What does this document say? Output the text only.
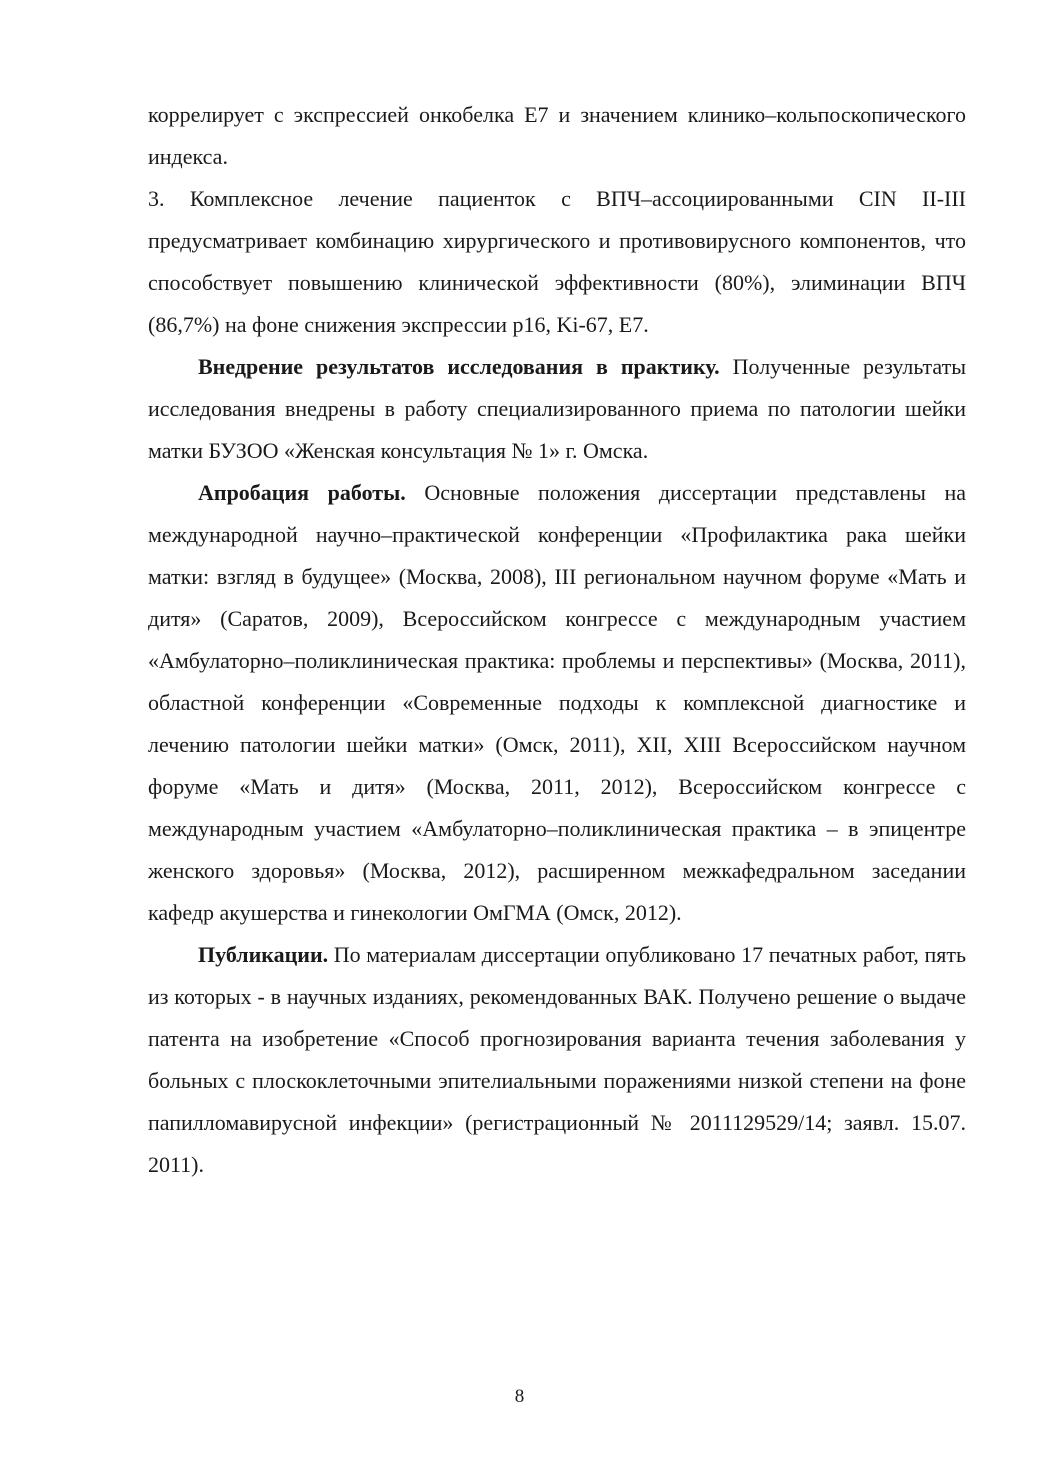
коррелирует с экспрессией онкобелка Е7 и значением клинико–кольпоскопического индекса.

3. Комплексное лечение пациенток с ВПЧ–ассоциированными CIN II-III предусматривает комбинацию хирургического и противовирусного компонентов, что способствует повышению клинической эффективности (80%), элиминации ВПЧ (86,7%) на фоне снижения экспрессии p16, Ki-67, Е7.

Внедрение результатов исследования в практику. Полученные результаты исследования внедрены в работу специализированного приема по патологии шейки матки БУЗОО «Женская консультация № 1» г. Омска.

Апробация работы. Основные положения диссертации представлены на международной научно–практической конференции «Профилактика рака шейки матки: взгляд в будущее» (Москва, 2008), III региональном научном форуме «Мать и дитя» (Саратов, 2009), Всероссийском конгрессе с международным участием «Амбулаторно–поликлиническая практика: проблемы и перспективы» (Москва, 2011), областной конференции «Современные подходы к комплексной диагностике и лечению патологии шейки матки» (Омск, 2011), XII, XIII Всероссийском научном форуме «Мать и дитя» (Москва, 2011, 2012), Всероссийском конгрессе с международным участием «Амбулаторно–поликлиническая практика – в эпицентре женского здоровья» (Москва, 2012), расширенном межкафедральном заседании кафедр акушерства и гинекологии ОмГМА (Омск, 2012).

Публикации. По материалам диссертации опубликовано 17 печатных работ, пять из которых - в научных изданиях, рекомендованных ВАК. Получено решение о выдаче патента на изобретение «Способ прогнозирования варианта течения заболевания у больных с плоскоклеточными эпителиальными поражениями низкой степени на фоне папилломавирусной инфекции» (регистрационный № 2011129529/14; заявл. 15.07. 2011).

8
